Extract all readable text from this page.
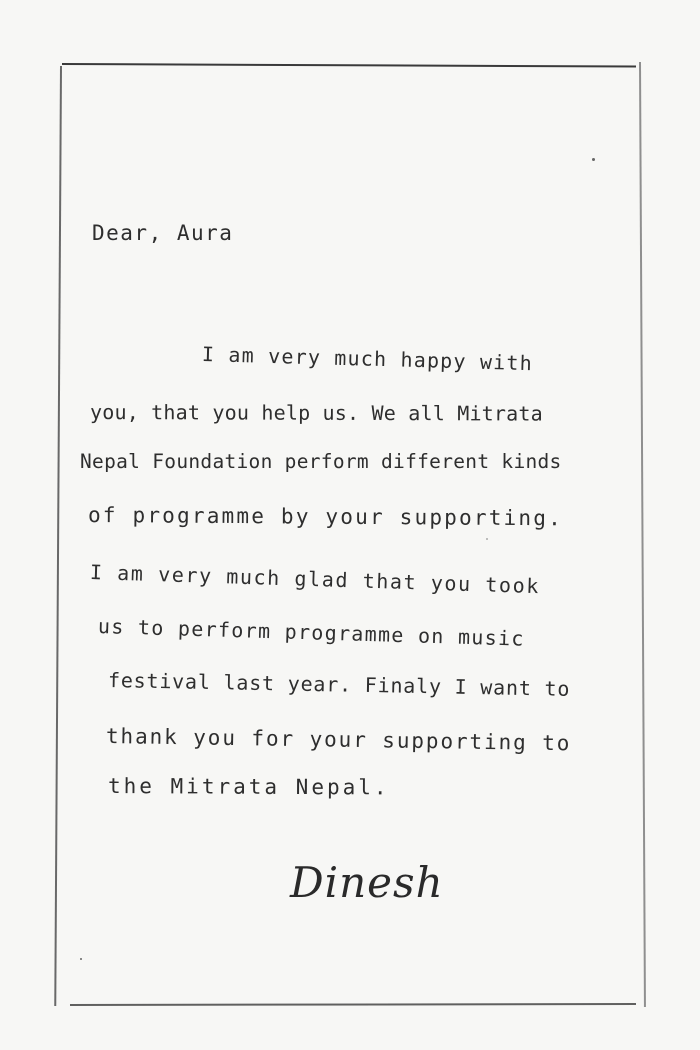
Dear, Aura
I am very much happy with
you, that you help us. We all Mitrata
Nepal Foundation perform different kinds
of programme by your supporting.
I am very much glad that you took
us to perform programme on music
festival last year. Finaly I want to
thank you for your supporting to
the Mitrata Nepal.
Dinesh
